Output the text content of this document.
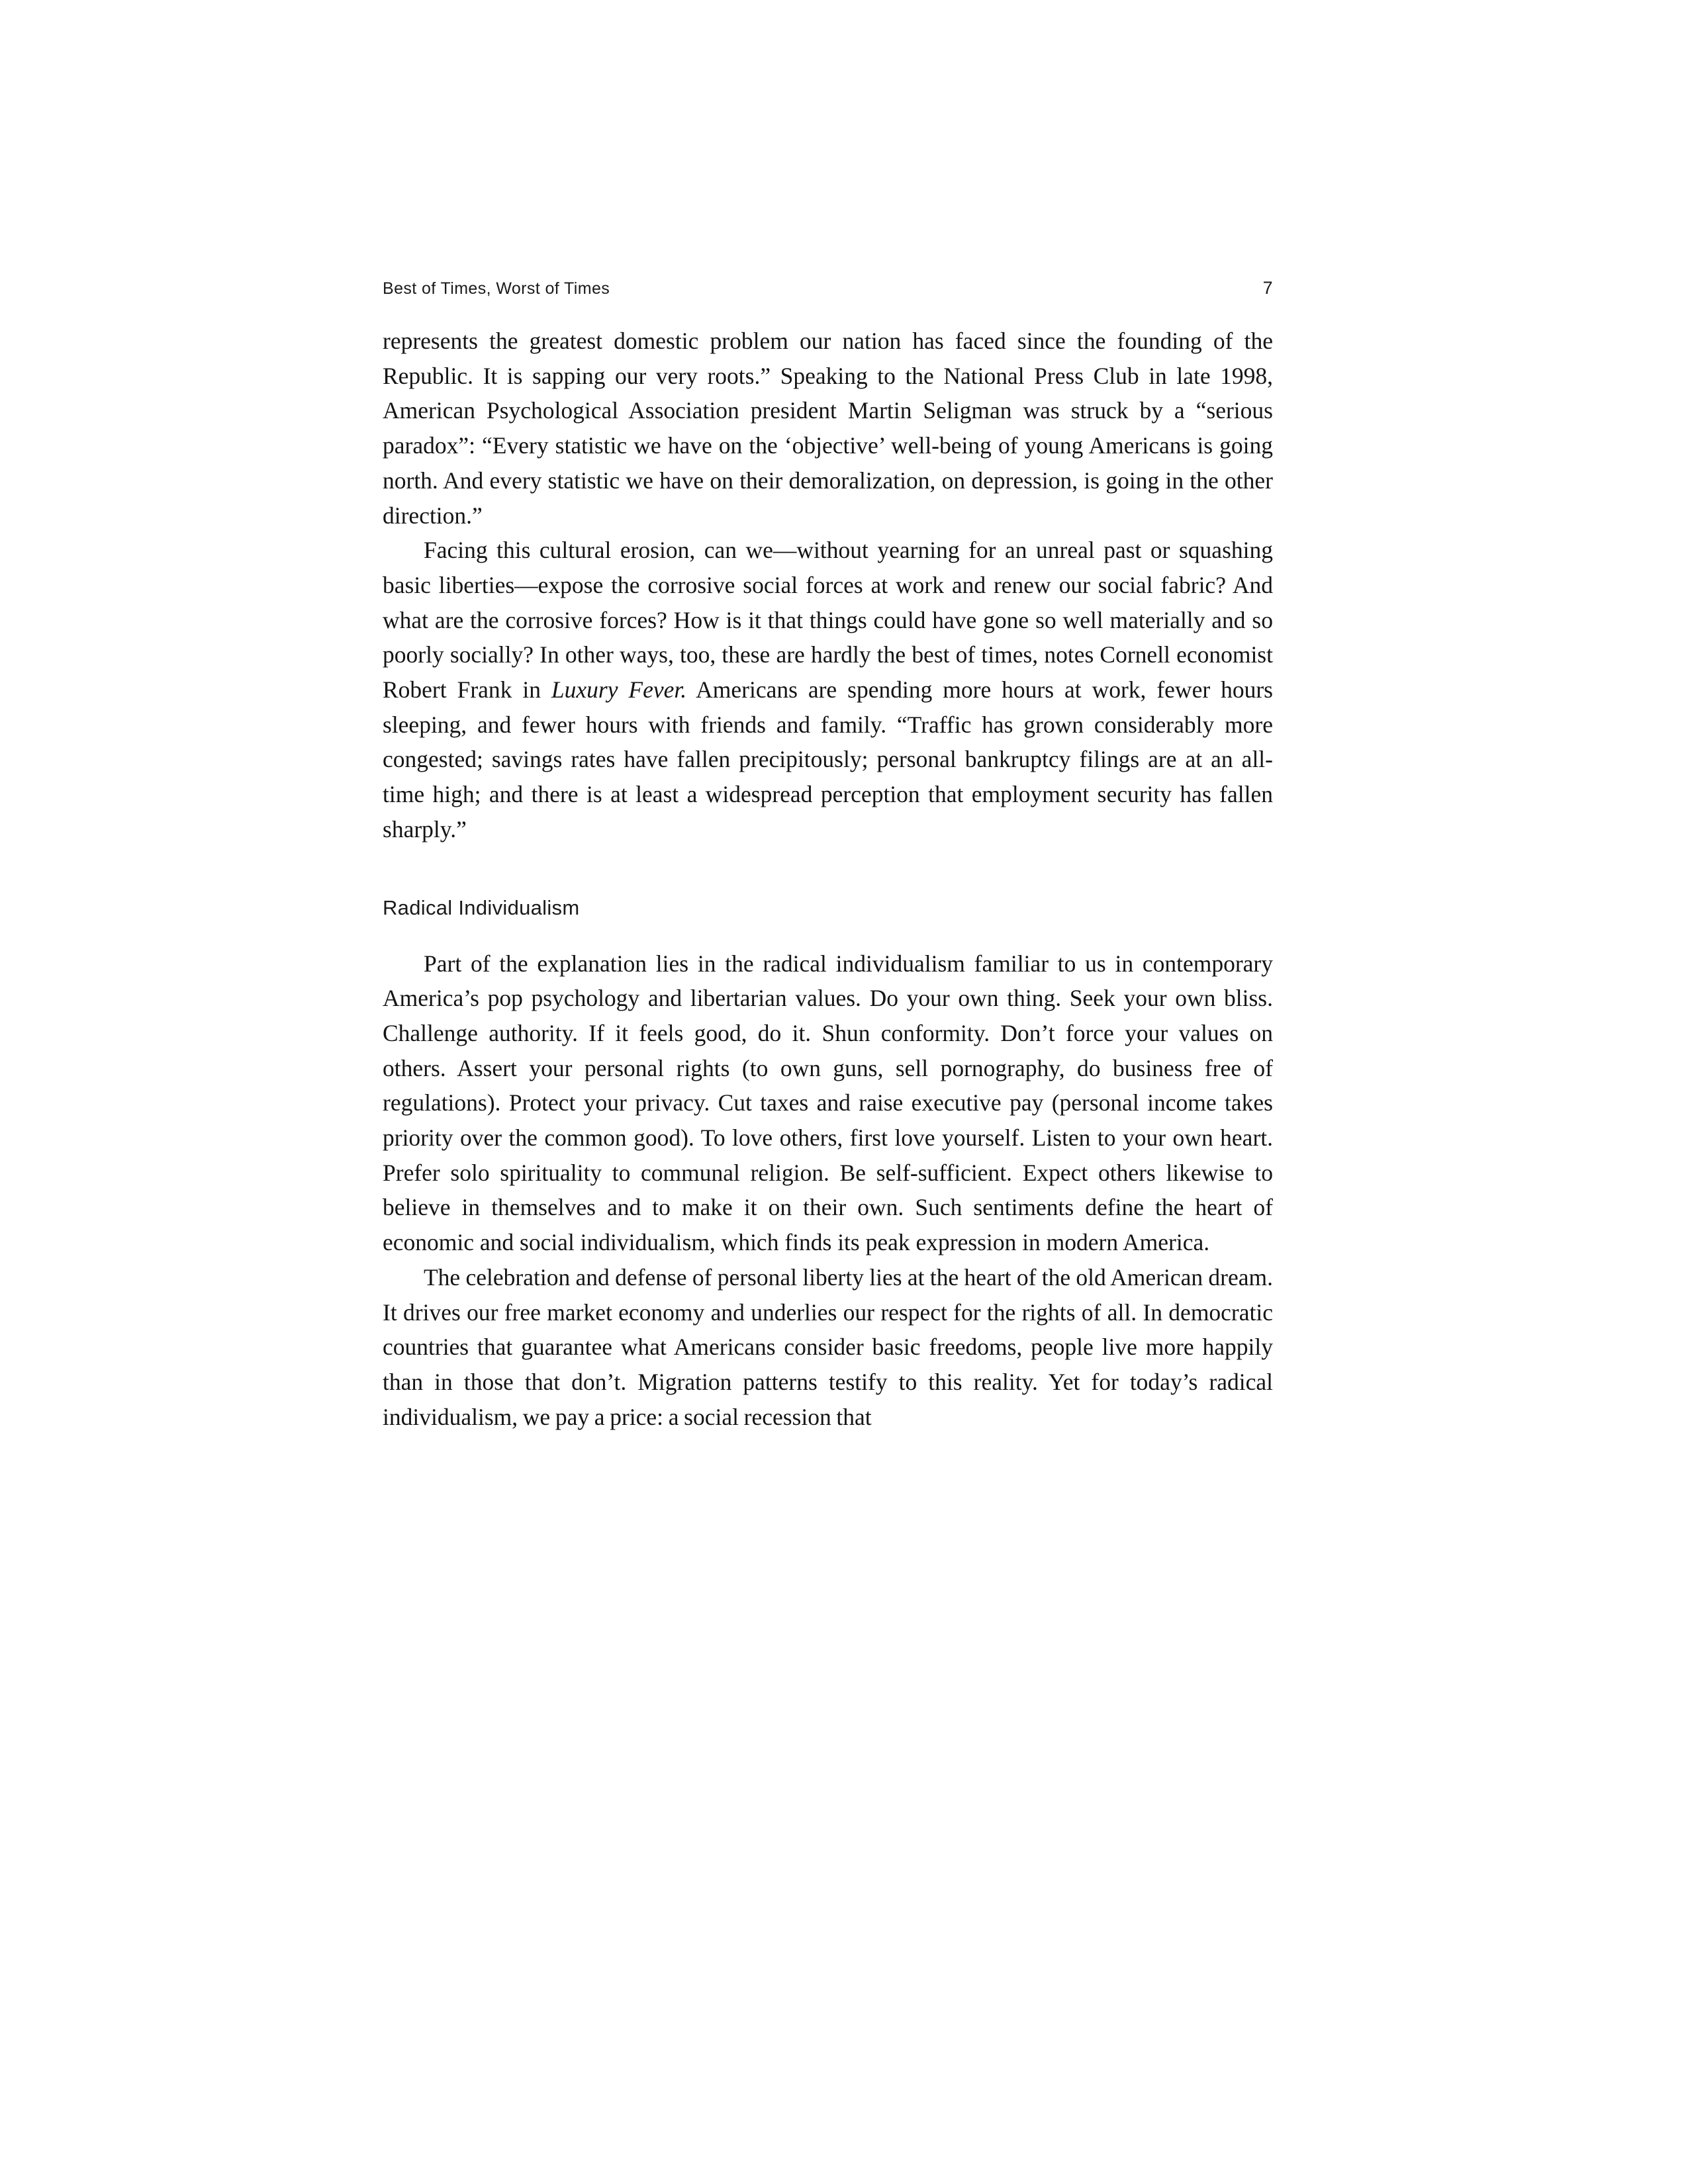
Best of Times, Worst of Times	7

represents the greatest domestic problem our nation has faced since the founding of the Republic. It is sapping our very roots.” Speaking to the National Press Club in late 1998, American Psychological Association president Martin Seligman was struck by a “serious paradox”: “Every statistic we have on the ‘objective’ well-being of young Americans is going north. And every statistic we have on their demoralization, on depression, is going in the other direction.”

Facing this cultural erosion, can we—without yearning for an unreal past or squashing basic liberties—expose the corrosive social forces at work and renew our social fabric? And what are the corrosive forces? How is it that things could have gone so well materially and so poorly socially? In other ways, too, these are hardly the best of times, notes Cornell economist Robert Frank in Luxury Fever. Americans are spending more hours at work, fewer hours sleeping, and fewer hours with friends and family. “Traffic has grown considerably more congested; savings rates have fallen precipitously; personal bankruptcy filings are at an all-time high; and there is at least a widespread perception that employment security has fallen sharply.”

Radical Individualism

Part of the explanation lies in the radical individualism familiar to us in contemporary America’s pop psychology and libertarian values. Do your own thing. Seek your own bliss. Challenge authority. If it feels good, do it. Shun conformity. Don’t force your values on others. Assert your personal rights (to own guns, sell pornography, do business free of regulations). Protect your privacy. Cut taxes and raise executive pay (personal income takes priority over the common good). To love others, first love yourself. Listen to your own heart. Prefer solo spirituality to communal religion. Be self-sufficient. Expect others likewise to believe in themselves and to make it on their own. Such sentiments define the heart of economic and social individualism, which finds its peak expression in modern America.

The celebration and defense of personal liberty lies at the heart of the old American dream. It drives our free market economy and underlies our respect for the rights of all. In democratic countries that guarantee what Americans consider basic freedoms, people live more happily than in those that don’t. Migration patterns testify to this reality. Yet for today’s radical individualism, we pay a price: a social recession that
